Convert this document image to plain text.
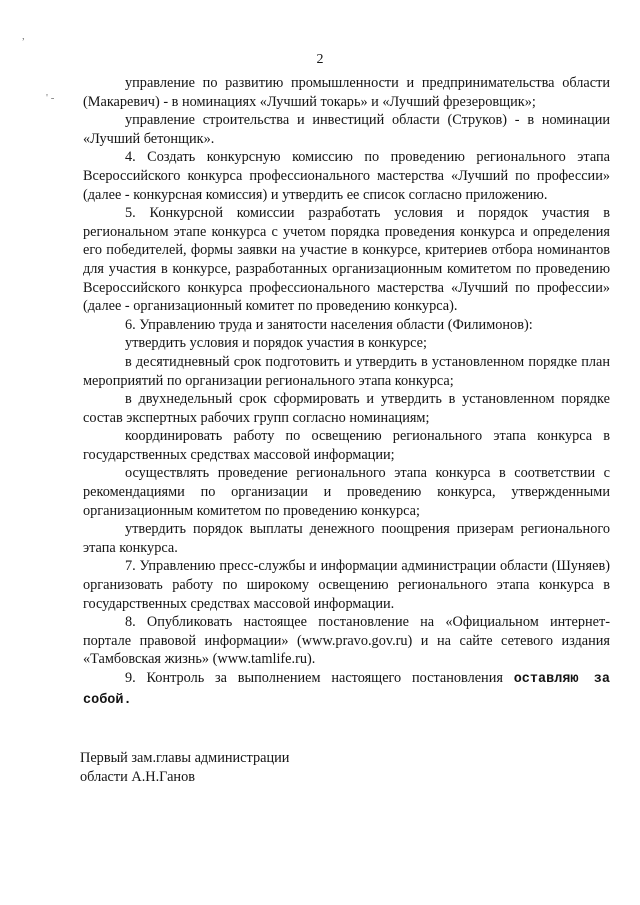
,
' -
2

управление по развитию промышленности и предпринимательства области (Макаревич) - в номинациях «Лучший токарь» и «Лучший фрезеровщик»;

управление строительства и инвестиций области (Струков) - в номинации «Лучший бетонщик».

4. Создать конкурсную комиссию по проведению регионального этапа Всероссийского конкурса профессионального мастерства «Лучший по профессии» (далее - конкурсная комиссия) и утвердить ее список согласно приложению.

5. Конкурсной комиссии разработать условия и порядок участия в региональном этапе конкурса с учетом порядка проведения конкурса и определения его победителей, формы заявки на участие в конкурсе, критериев отбора номинантов для участия в конкурсе, разработанных организационным комитетом по проведению Всероссийского конкурса профессионального мастерства «Лучший по профессии» (далее - организационный комитет по проведению конкурса).

6. Управлению труда и занятости населения области (Филимонов):

утвердить условия и порядок участия в конкурсе;

в десятидневный срок подготовить и утвердить в установленном порядке план мероприятий по организации регионального этапа конкурса;

в двухнедельный срок сформировать и утвердить в установленном порядке состав экспертных рабочих групп согласно номинациям;

координировать работу по освещению регионального этапа конкурса в государственных средствах массовой информации;

осуществлять проведение регионального этапа конкурса в соответствии с рекомендациями по организации и проведению конкурса, утвержденными организационным комитетом по проведению конкурса;

утвердить порядок выплаты денежного поощрения призерам регионального этапа конкурса.

7. Управлению пресс-службы и информации администрации области (Шуняев) организовать работу по широкому освещению регионального этапа конкурса в государственных средствах массовой информации.

8. Опубликовать настоящее постановление на «Официальном интернет-портале правовой информации» (www.pravo.gov.ru) и на сайте сетевого издания «Тамбовская жизнь» (www.tamlife.ru).

9. Контроль за выполнением настоящего постановления оставляю за собой.

Первый зам.главы администрации
области А.Н.Ганов
